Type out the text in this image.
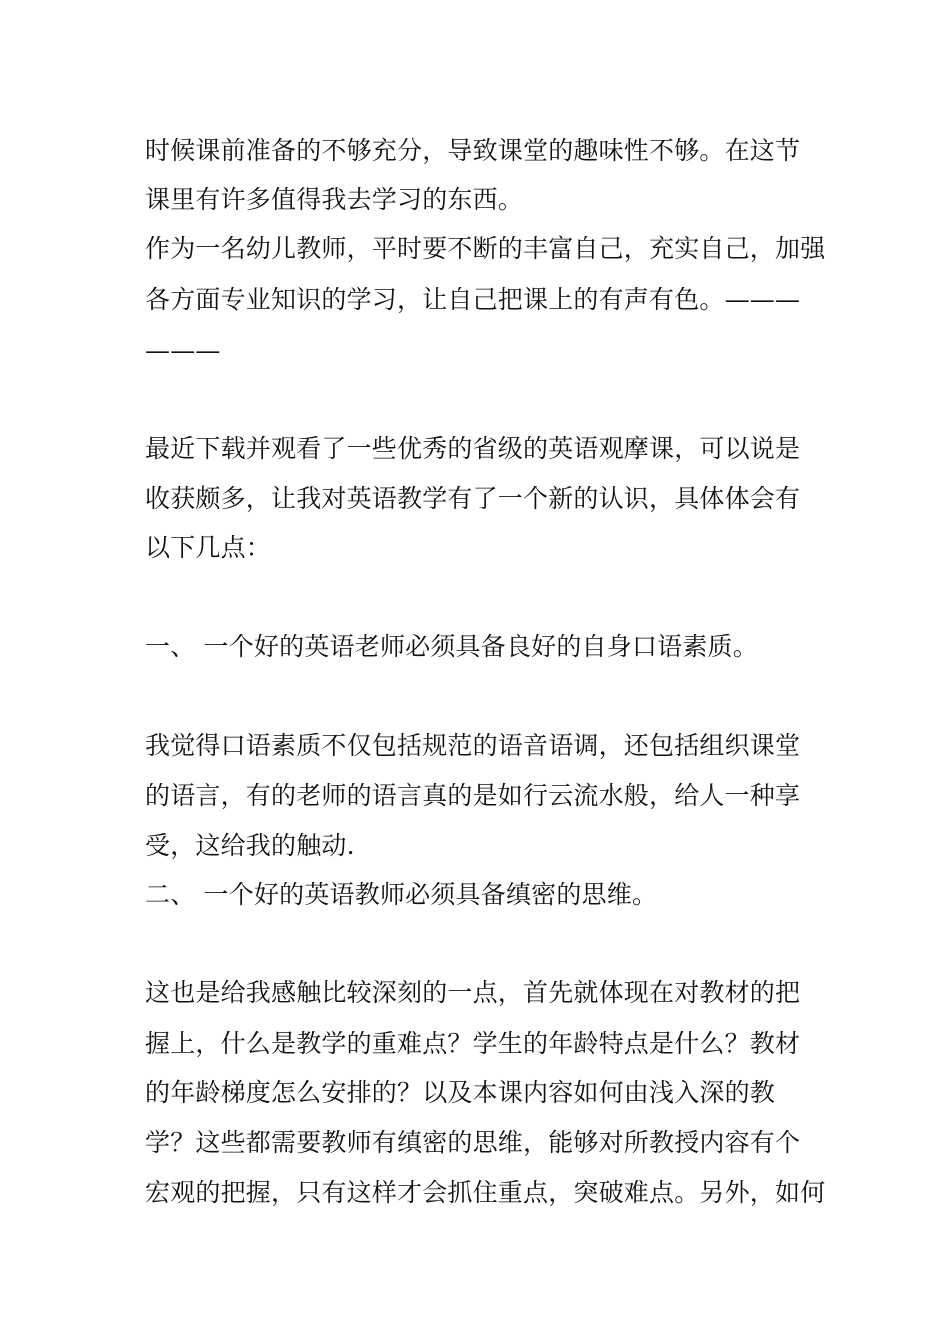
时候课前准备的不够充分，导致课堂的趣味性不够。在这节
课里有许多值得我去学习的东西。
作为一名幼儿教师，平时要不断的丰富自己，充实自己，加强
各方面专业知识的学习，让自己把课上的有声有色。———
———
最近下载并观看了一些优秀的省级的英语观摩课，可以说是
收获颇多，让我对英语教学有了一个新的认识，具体体会有
以下几点：
一、 一个好的英语老师必须具备良好的自身口语素质。
我觉得口语素质不仅包括规范的语音语调，还包括组织课堂
的语言，有的老师的语言真的是如行云流水般，给人一种享
受，这给我的触动.
二、 一个好的英语教师必须具备缜密的思维。
这也是给我感触比较深刻的一点，首先就体现在对教材的把
握上，什么是教学的重难点？学生的年龄特点是什么？教材
的年龄梯度怎么安排的？以及本课内容如何由浅入深的教
学？这些都需要教师有缜密的思维，能够对所教授内容有个
宏观的把握，只有这样才会抓住重点，突破难点。另外，如何
